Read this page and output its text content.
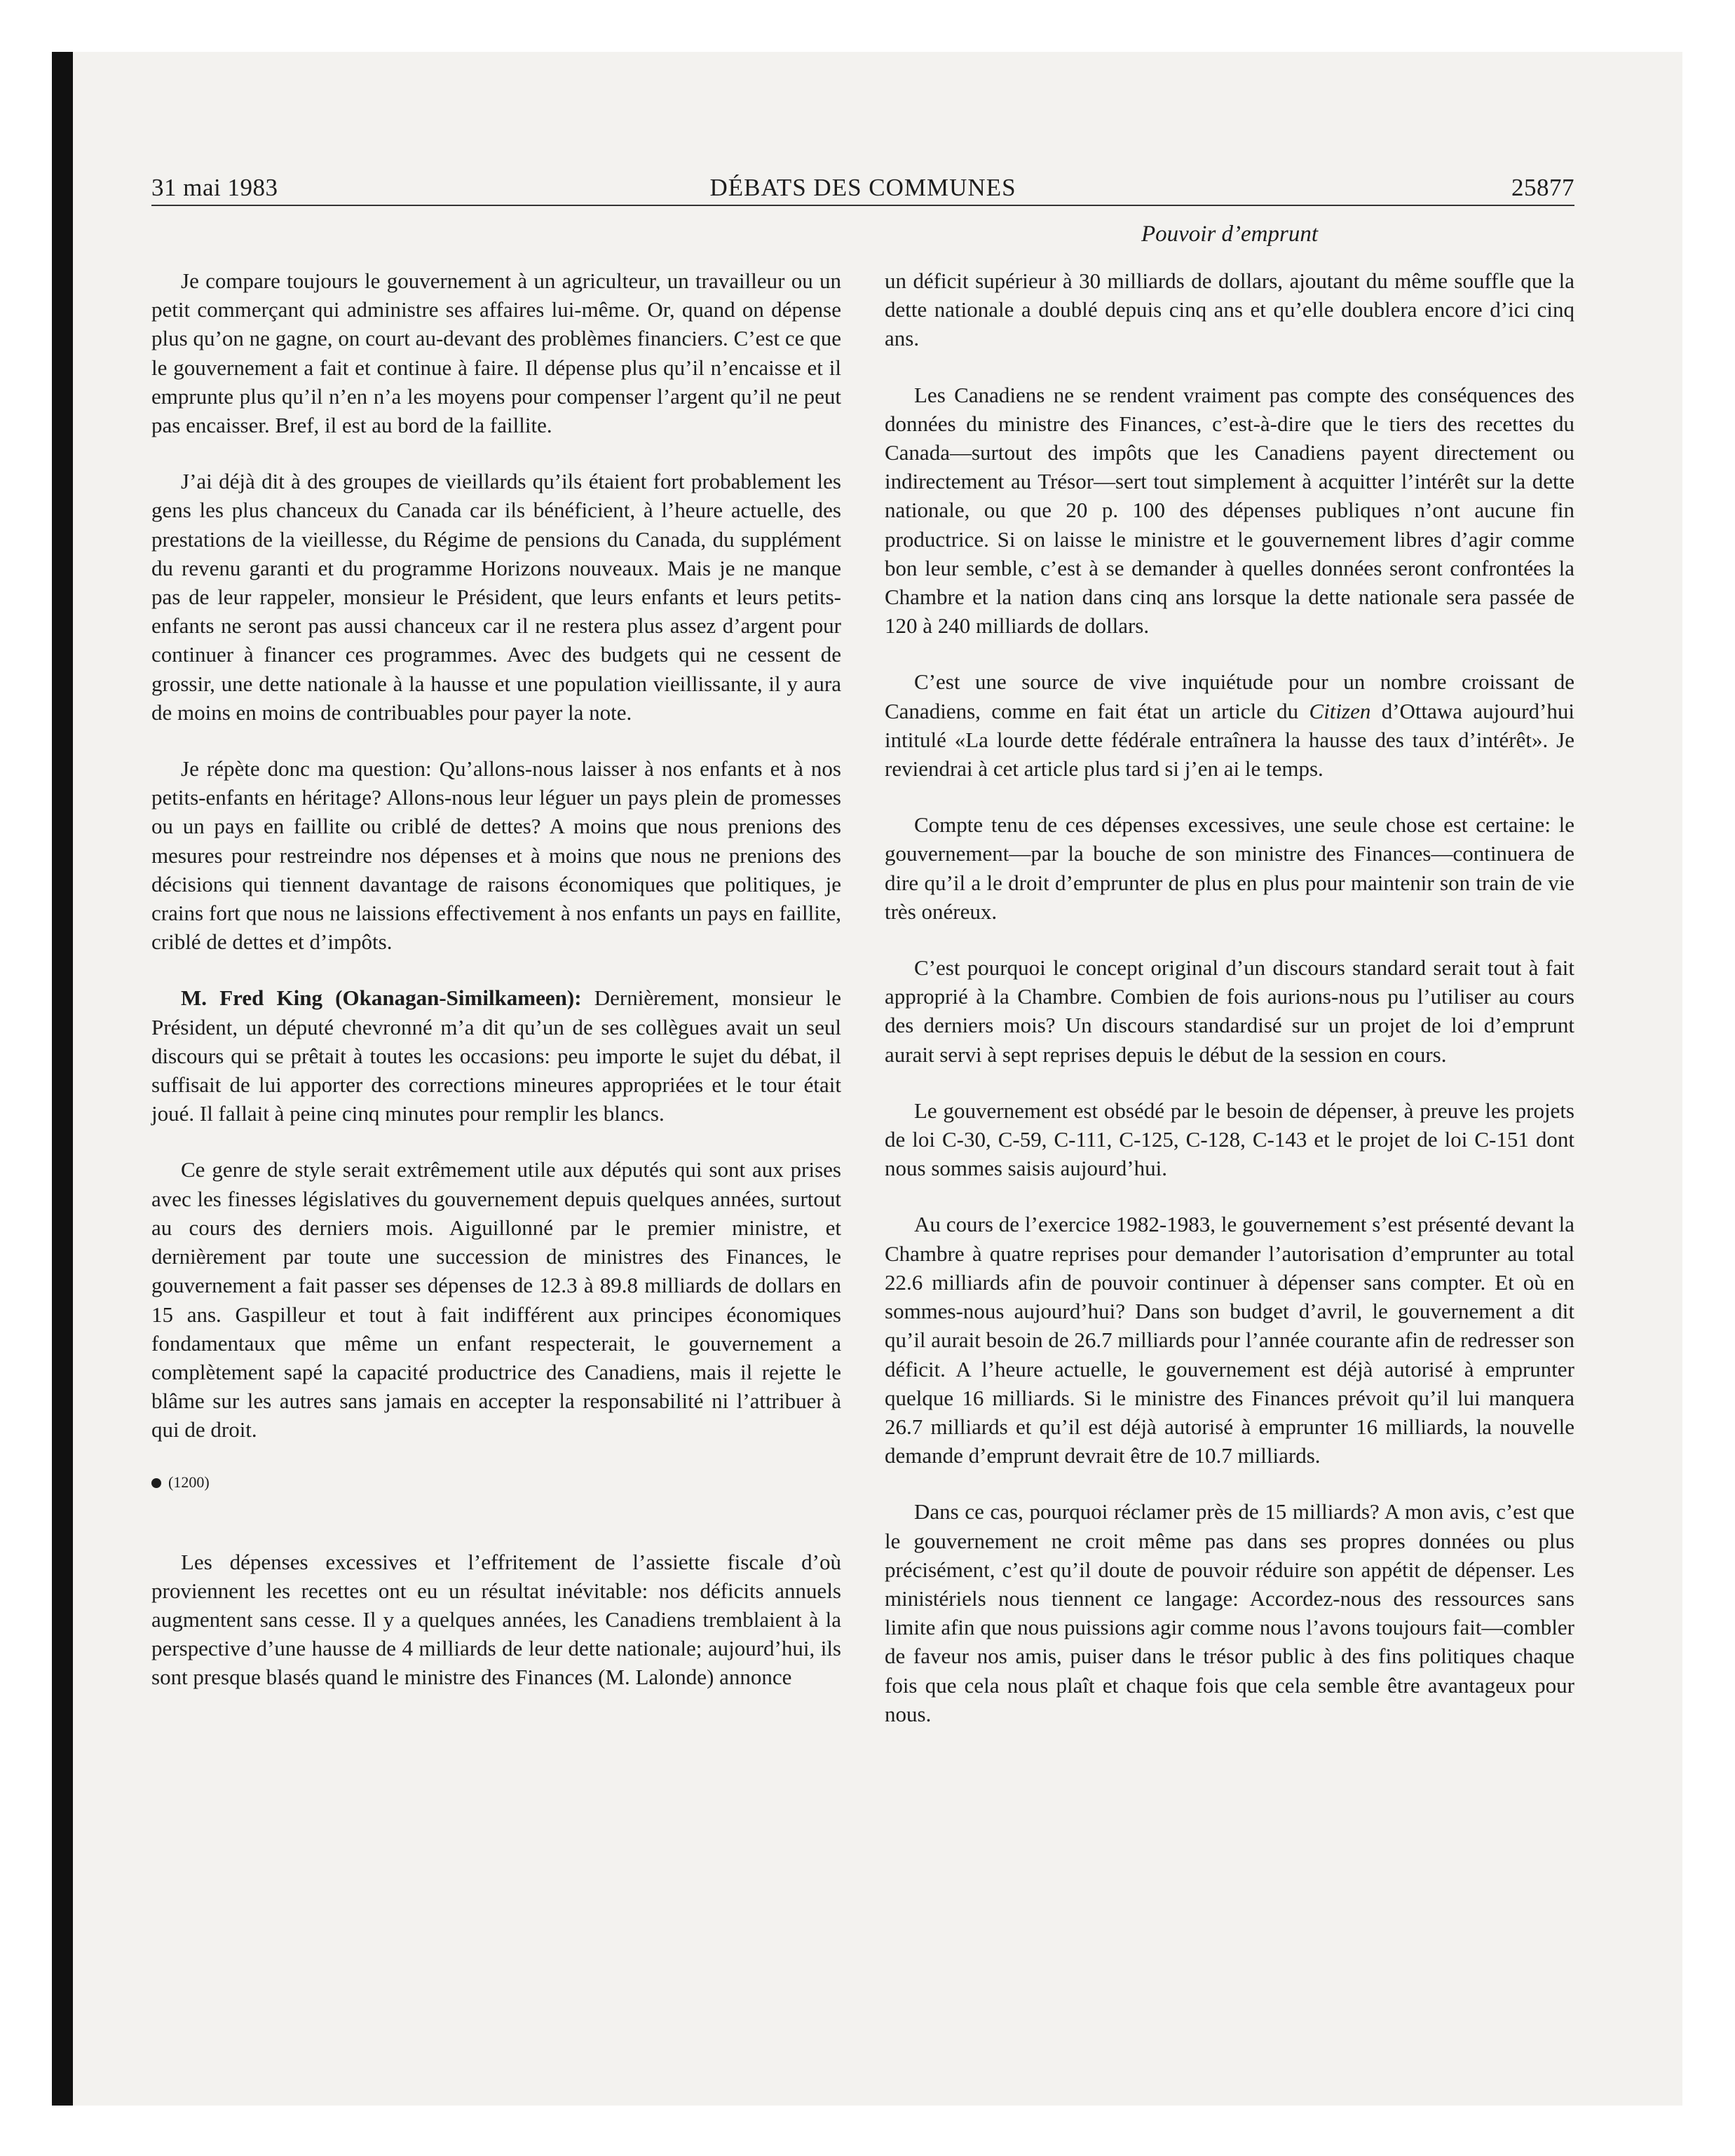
31 mai 1983	DÉBATS DES COMMUNES	25877
Pouvoir d’emprunt

Je compare toujours le gouvernement à un agriculteur, un travailleur ou un petit commerçant qui administre ses affaires lui-même. Or, quand on dépense plus qu’on ne gagne, on court au-devant des problèmes financiers. C’est ce que le gouvernement a fait et continue à faire. Il dépense plus qu’il n’encaisse et il emprunte plus qu’il n’en n’a les moyens pour compenser l’argent qu’il ne peut pas encaisser. Bref, il est au bord de la faillite.

J’ai déjà dit à des groupes de vieillards qu’ils étaient fort probablement les gens les plus chanceux du Canada car ils bénéficient, à l’heure actuelle, des prestations de la vieillesse, du Régime de pensions du Canada, du supplément du revenu garanti et du programme Horizons nouveaux. Mais je ne manque pas de leur rappeler, monsieur le Président, que leurs enfants et leurs petits-enfants ne seront pas aussi chanceux car il ne restera plus assez d’argent pour continuer à financer ces programmes. Avec des budgets qui ne cessent de grossir, une dette nationale à la hausse et une population vieillissante, il y aura de moins en moins de contribuables pour payer la note.

Je répète donc ma question: Qu’allons-nous laisser à nos enfants et à nos petits-enfants en héritage? Allons-nous leur léguer un pays plein de promesses ou un pays en faillite ou criblé de dettes? A moins que nous prenions des mesures pour restreindre nos dépenses et à moins que nous ne prenions des décisions qui tiennent davantage de raisons économiques que politiques, je crains fort que nous ne laissions effectivement à nos enfants un pays en faillite, criblé de dettes et d’impôts.

M. Fred King (Okanagan-Similkameen): Dernièrement, monsieur le Président, un député chevronné m’a dit qu’un de ses collègues avait un seul discours qui se prêtait à toutes les occasions: peu importe le sujet du débat, il suffisait de lui apporter des corrections mineures appropriées et le tour était joué. Il fallait à peine cinq minutes pour remplir les blancs.

Ce genre de style serait extrêmement utile aux députés qui sont aux prises avec les finesses législatives du gouvernement depuis quelques années, surtout au cours des derniers mois. Aiguillonné par le premier ministre, et dernièrement par toute une succession de ministres des Finances, le gouvernement a fait passer ses dépenses de 12.3 à 89.8 milliards de dollars en 15 ans. Gaspilleur et tout à fait indifférent aux principes économiques fondamentaux que même un enfant respecterait, le gouvernement a complètement sapé la capacité productrice des Canadiens, mais il rejette le blâme sur les autres sans jamais en accepter la responsabilité ni l’attribuer à qui de droit.

(1200)

Les dépenses excessives et l’effritement de l’assiette fiscale d’où proviennent les recettes ont eu un résultat inévitable: nos déficits annuels augmentent sans cesse. Il y a quelques années, les Canadiens tremblaient à la perspective d’une hausse de 4 milliards de leur dette nationale; aujourd’hui, ils sont presque blasés quand le ministre des Finances (M. Lalonde) annonce

un déficit supérieur à 30 milliards de dollars, ajoutant du même souffle que la dette nationale a doublé depuis cinq ans et qu’elle doublera encore d’ici cinq ans.

Les Canadiens ne se rendent vraiment pas compte des conséquences des données du ministre des Finances, c’est-à-dire que le tiers des recettes du Canada—surtout des impôts que les Canadiens payent directement ou indirectement au Trésor—sert tout simplement à acquitter l’intérêt sur la dette nationale, ou que 20 p. 100 des dépenses publiques n’ont aucune fin productrice. Si on laisse le ministre et le gouvernement libres d’agir comme bon leur semble, c’est à se demander à quelles données seront confrontées la Chambre et la nation dans cinq ans lorsque la dette nationale sera passée de 120 à 240 milliards de dollars.

C’est une source de vive inquiétude pour un nombre croissant de Canadiens, comme en fait état un article du Citizen d’Ottawa aujourd’hui intitulé «La lourde dette fédérale entraînera la hausse des taux d’intérêt». Je reviendrai à cet article plus tard si j’en ai le temps.

Compte tenu de ces dépenses excessives, une seule chose est certaine: le gouvernement—par la bouche de son ministre des Finances—continuera de dire qu’il a le droit d’emprunter de plus en plus pour maintenir son train de vie très onéreux.

C’est pourquoi le concept original d’un discours standard serait tout à fait approprié à la Chambre. Combien de fois aurions-nous pu l’utiliser au cours des derniers mois? Un discours standardisé sur un projet de loi d’emprunt aurait servi à sept reprises depuis le début de la session en cours.

Le gouvernement est obsédé par le besoin de dépenser, à preuve les projets de loi C-30, C-59, C-111, C-125, C-128, C-143 et le projet de loi C-151 dont nous sommes saisis aujourd’hui.

Au cours de l’exercice 1982-1983, le gouvernement s’est présenté devant la Chambre à quatre reprises pour demander l’autorisation d’emprunter au total 22.6 milliards afin de pouvoir continuer à dépenser sans compter. Et où en sommes-nous aujourd’hui? Dans son budget d’avril, le gouvernement a dit qu’il aurait besoin de 26.7 milliards pour l’année courante afin de redresser son déficit. A l’heure actuelle, le gouvernement est déjà autorisé à emprunter quelque 16 milliards. Si le ministre des Finances prévoit qu’il lui manquera 26.7 milliards et qu’il est déjà autorisé à emprunter 16 milliards, la nouvelle demande d’emprunt devrait être de 10.7 milliards.

Dans ce cas, pourquoi réclamer près de 15 milliards? A mon avis, c’est que le gouvernement ne croit même pas dans ses propres données ou plus précisément, c’est qu’il doute de pouvoir réduire son appétit de dépenser. Les ministériels nous tiennent ce langage: Accordez-nous des ressources sans limite afin que nous puissions agir comme nous l’avons toujours fait—combler de faveur nos amis, puiser dans le trésor public à des fins politiques chaque fois que cela nous plaît et chaque fois que cela semble être avantageux pour nous.
